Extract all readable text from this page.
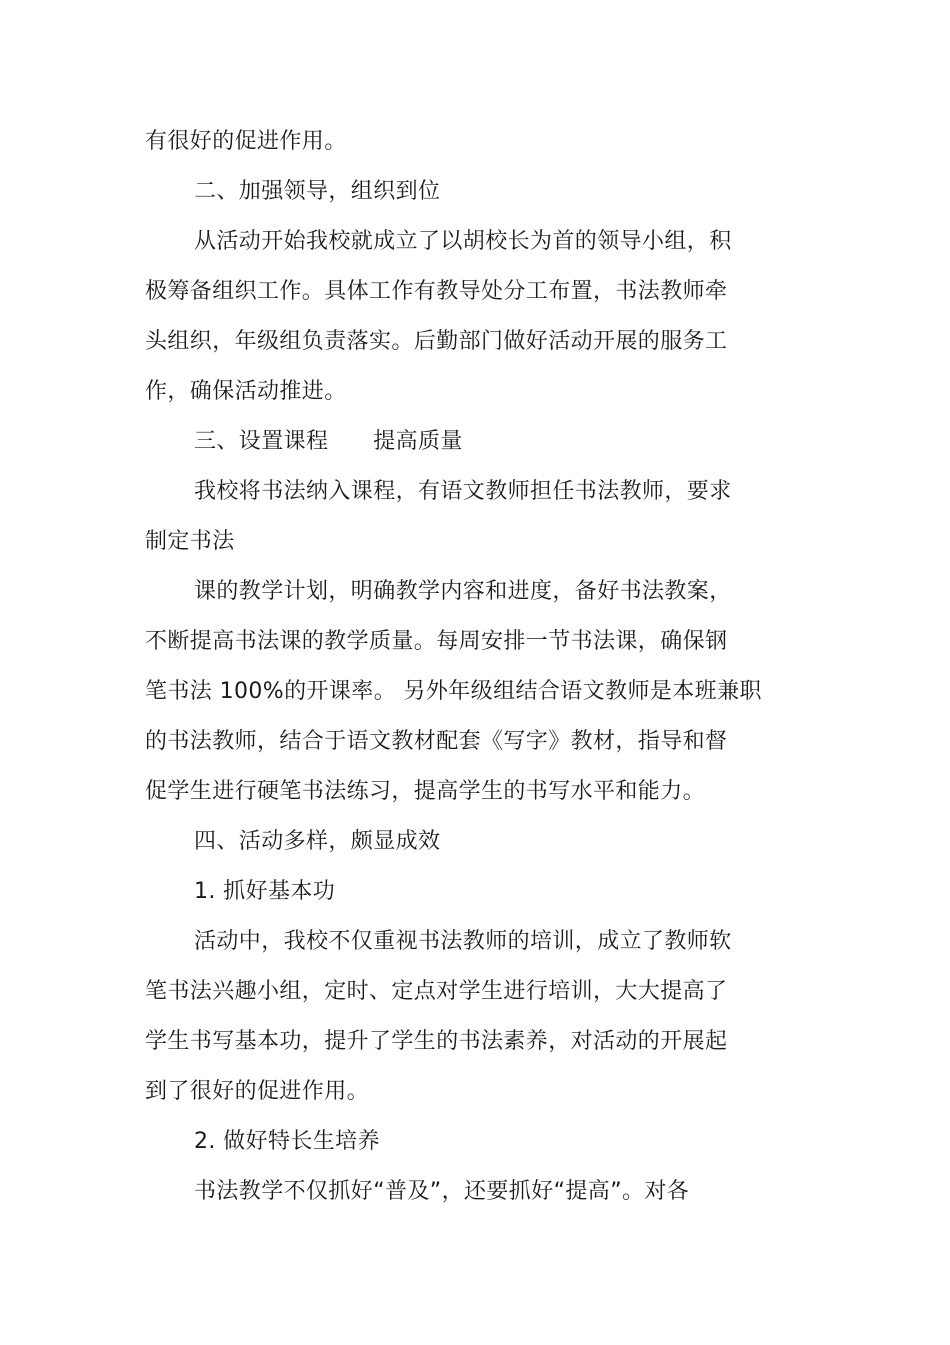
有很好的促进作用。
二、加强领导，组织到位
从活动开始我校就成立了以胡校长为首的领导小组，积
极筹备组织工作。具体工作有教导处分工布置，书法教师牵
头组织，年级组负责落实。后勤部门做好活动开展的服务工
作，确保活动推进。
三、设置课程　　提高质量
我校将书法纳入课程，有语文教师担任书法教师，要求
制定书法
课的教学计划，明确教学内容和进度，备好书法教案，
不断提高书法课的教学质量。每周安排一节书法课，确保钢
笔书法 100%的开课率。 另外年级组结合语文教师是本班兼职
的书法教师，结合于语文教材配套《写字》教材，指导和督
促学生进行硬笔书法练习，提高学生的书写水平和能力。
四、活动多样，颇显成效
1. 抓好基本功
活动中，我校不仅重视书法教师的培训，成立了教师软
笔书法兴趣小组，定时、定点对学生进行培训，大大提高了
学生书写基本功，提升了学生的书法素养，对活动的开展起
到了很好的促进作用。
2. 做好特长生培养
书法教学不仅抓好“普及”，还要抓好“提高”。对各
